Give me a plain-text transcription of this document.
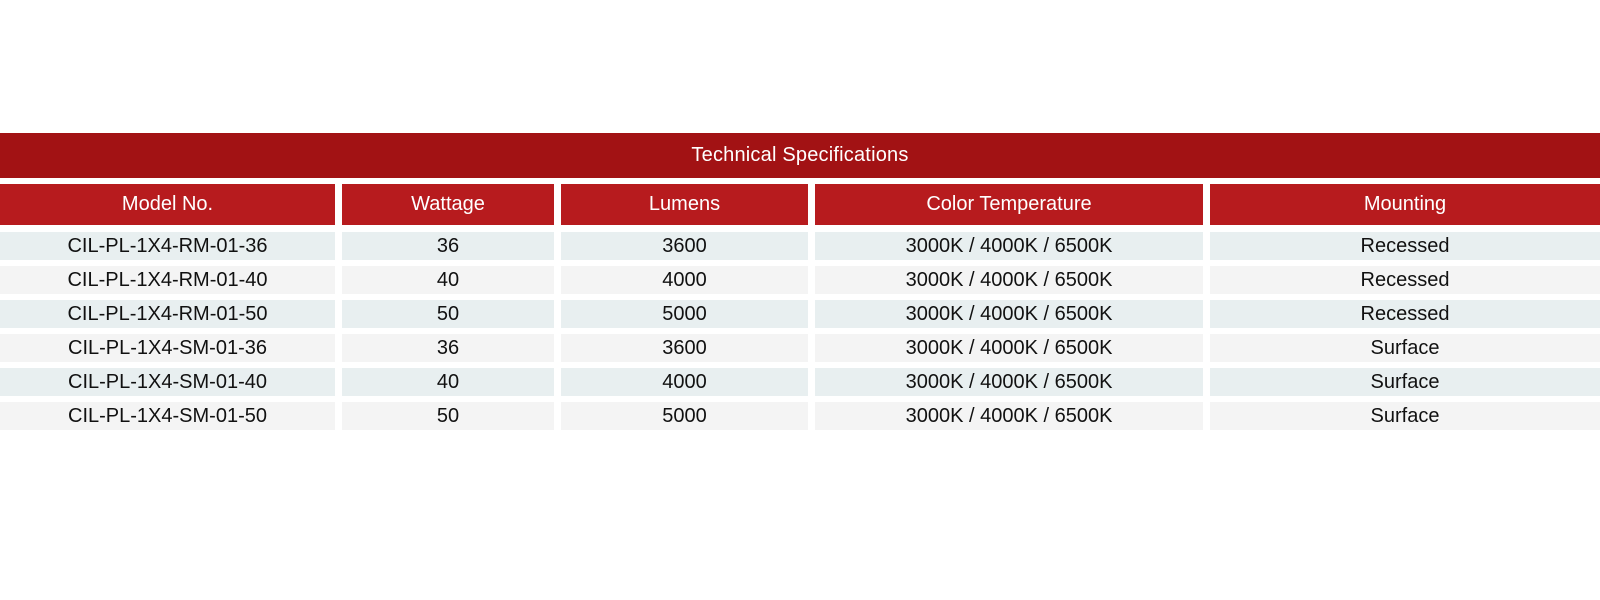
Technical Specifications
Model No.	Wattage	Lumens	Color Temperature	Mounting
CIL-PL-1X4-RM-01-36	36	3600	3000K / 4000K / 6500K	Recessed
CIL-PL-1X4-RM-01-40	40	4000	3000K / 4000K / 6500K	Recessed
CIL-PL-1X4-RM-01-50	50	5000	3000K / 4000K / 6500K	Recessed
CIL-PL-1X4-SM-01-36	36	3600	3000K / 4000K / 6500K	Surface
CIL-PL-1X4-SM-01-40	40	4000	3000K / 4000K / 6500K	Surface
CIL-PL-1X4-SM-01-50	50	5000	3000K / 4000K / 6500K	Surface
